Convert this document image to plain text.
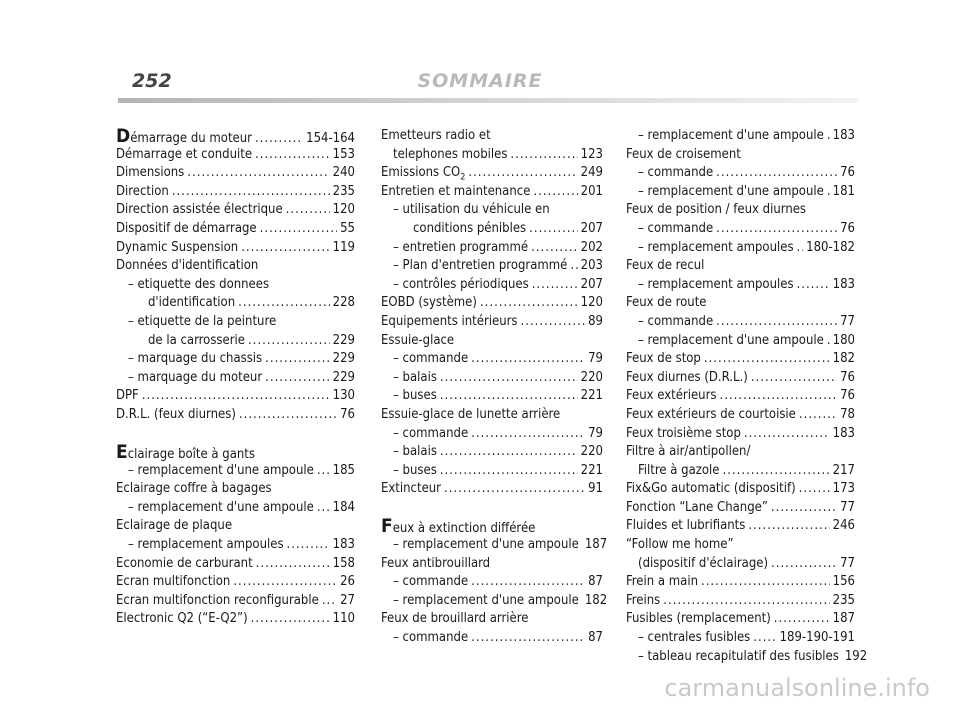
252	SOMMAIRE
Démarrage du moteur .....	154-164
Démarrage et conduite .....	153
Dimensions .....	240
Direction .....	235
Direction assistée électrique .....	120
Dispositif de démarrage .....	55
Dynamic Suspension .....	119
Données d'identification
– etiquette des donnees
d'identification .....	228
– etiquette de la peinture
de la carrosserie .....	229
– marquage du chassis .....	229
– marquage du moteur .....	229
DPF .....	130
D.R.L. (feux diurnes) .....	76
Eclairage boîte à gants
– remplacement d'une ampoule ..... 185
Eclairage coffre à bagages
– remplacement d'une ampoule ..... 184
Eclairage de plaque
– remplacement ampoules .....	183
Economie de carburant .....	158
Ecran multifonction .....	26
Ecran multifonction reconfigurable ..... 27
Electronic Q2 (“E-Q2”) .....	110
Emetteurs radio et
telephones mobiles .....	123
Emissions $CO_2$ .....	249
Entretien et maintenance .....	201
– utilisation du véhicule en
conditions pénibles .....	207
– entretien programmé .....	202
– Plan d'entretien programmé ..... 203
– contrôles périodiques .....	207
EOBD (système) .....	120
Equipements intérieurs .....	89
Essuie-glace
– commande .....	79
– balais .....	220
– buses .....	221
Essuie-glace de lunette arrière
– commande .....	79
– balais .....	220
– buses .....	221
Extincteur .....	91
Feux à extinction différée
– remplacement d'une ampoule 187
Feux antibrouillard
– commande .....	87
– remplacement d'une ampoule 182
Feux de brouillard arrière
– commande .....	87
– remplacement d'une ampoule ..... 183
Feux de croisement
– commande .....	76
– remplacement d'une ampoule ..... 181
Feux de position / feux diurnes
– commande .....	76
– remplacement ampoules ..... 180-182
Feux de recul
– remplacement ampoules .....	183
Feux de route
– commande .....	77
– remplacement d'une ampoule ..... 180
Feux de stop .....	182
Feux diurnes (D.R.L.) .....	76
Feux extérieurs .....	76
Feux extérieurs de courtoisie .....	78
Feux troisième stop .....	183
Filtre à air/antipollen/
Filtre à gazole .....	217
Fix&Go automatic (dispositif) .....	173
Fonction “Lane Change” .....	77
Fluides et lubrifiants .....	246
“Follow me home”
(dispositif d'éclairage) .....	77
Frein a main .....	156
Freins .....	235
Fusibles (remplacement) .....	187
– centrales fusibles ..... 189-190-191
– tableau recapitulatif des fusibles 192
carmanualsonline.info
